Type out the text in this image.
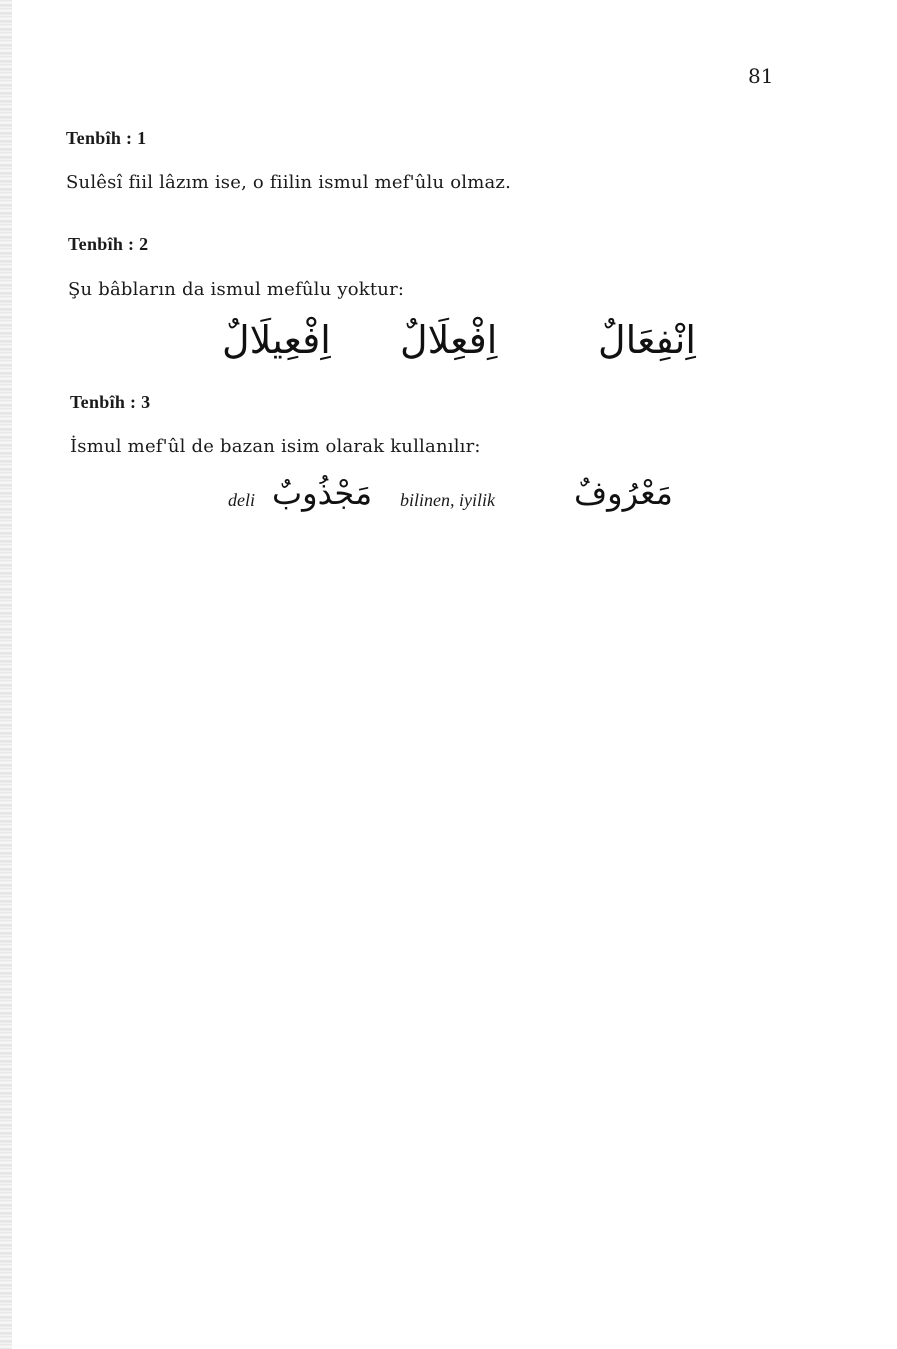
81
Tenbîh : 1
Sulêsî fiil lâzım ise, o fiilin ismul mef'ûlu olmaz.
Tenbîh : 2
Şu bâbların da ismul mefûlu yoktur:
اِنْفِعَالٌ
اِفْعِلَالٌ
اِفْعِيلَالٌ
Tenbîh : 3
İsmul mef'ûl de bazan isim olarak kullanılır:
مَعْرُوفٌ
bilinen, iyilik
مَجْذُوبٌ
deli
